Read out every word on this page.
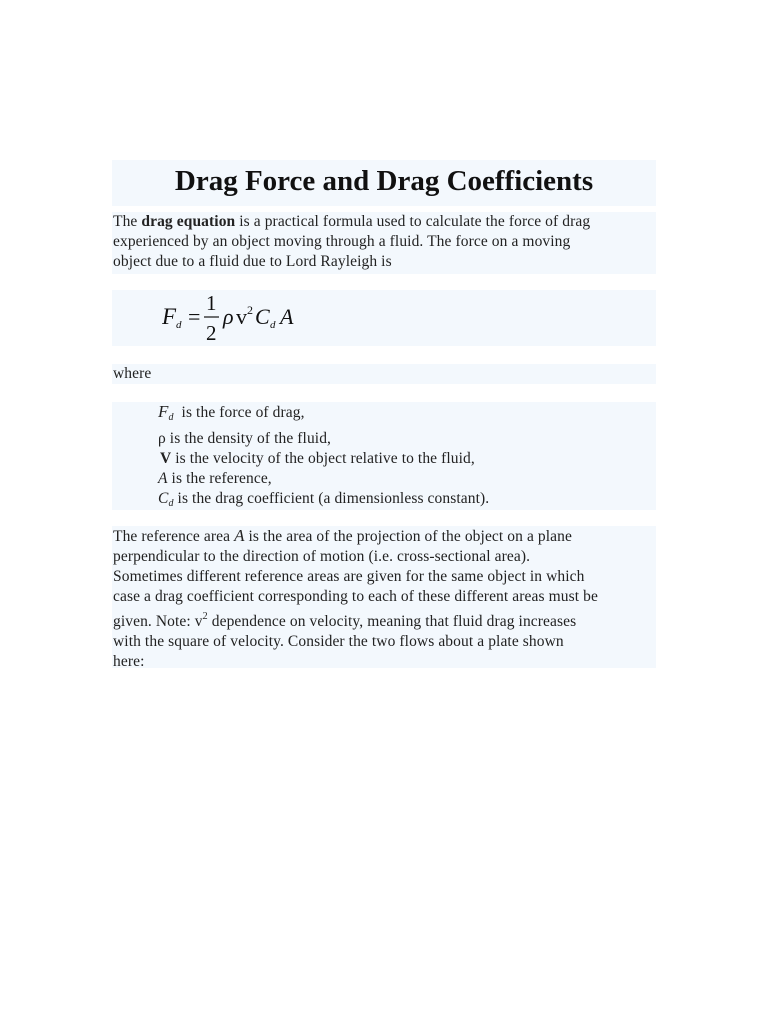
Drag Force and Drag Coefficients
The drag equation is a practical formula used to calculate the force of drag
experienced by an object moving through a fluid. The force on a moving
object due to a fluid due to Lord Rayleigh is
F d =
1
2
ρ v 2 C d A
where
$F_d$  is the force of drag,
ρ is the density of the fluid,
V is the velocity of the object relative to the fluid,
A is the reference,
$C_d$ is the drag coefficient (a dimensionless constant).
The reference area A is the area of the projection of the object on a plane
perpendicular to the direction of motion (i.e. cross-sectional area).
Sometimes different reference areas are given for the same object in which
case a drag coefficient corresponding to each of these different areas must be
given. Note: $v^2$ dependence on velocity, meaning that fluid drag increases
with the square of velocity. Consider the two flows about a plate shown
here:
